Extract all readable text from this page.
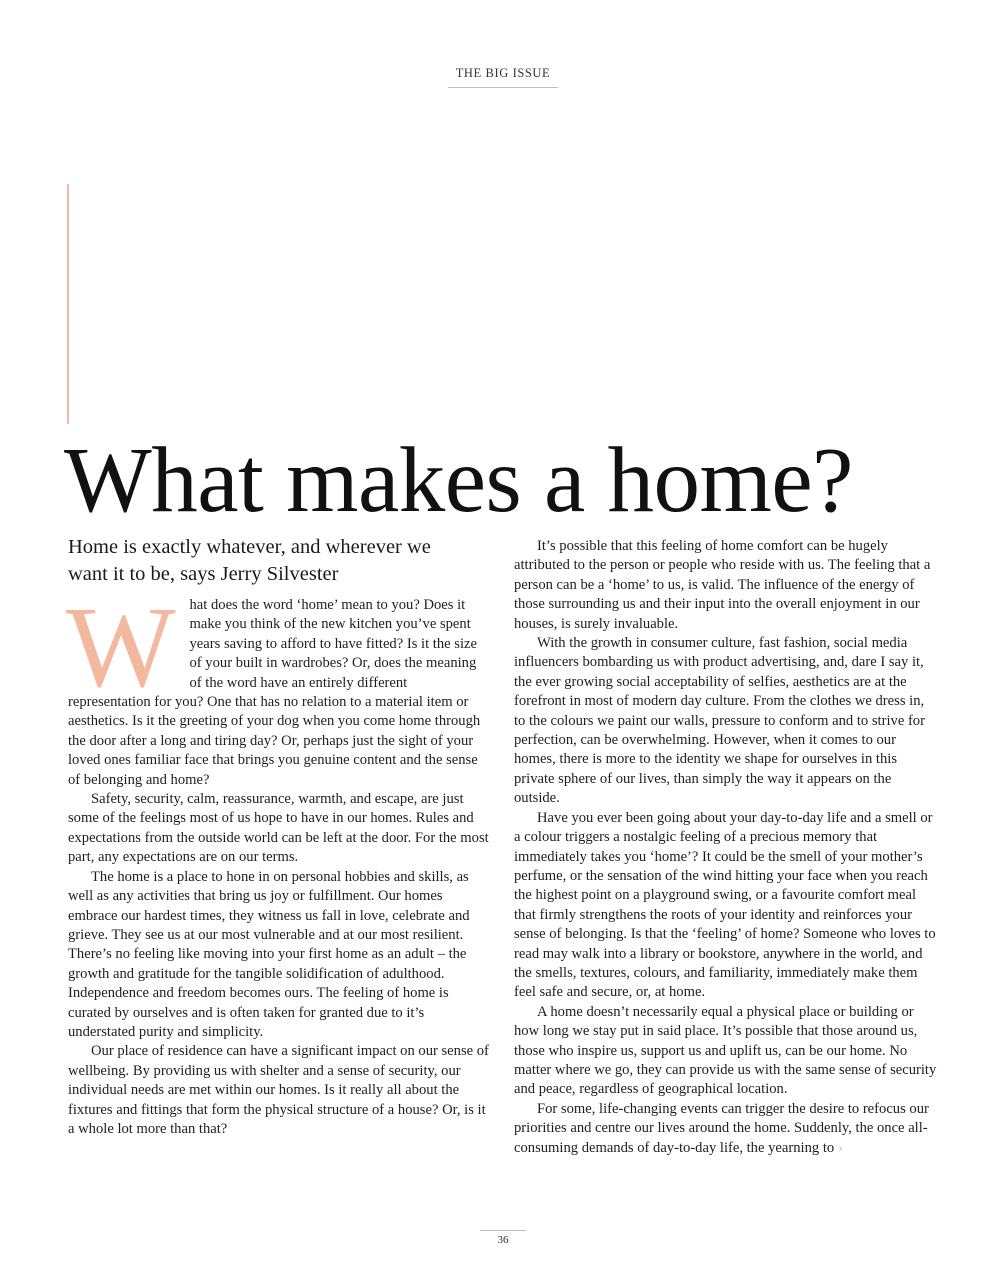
THE BIG ISSUE
What makes a home?
Home is exactly whatever, and wherever we want it to be, says Jerry Silvester

What does the word ‘home’ mean to you? Does it make you think of the new kitchen you’ve spent years saving to afford to have fitted? Is it the size of your built in wardrobes? Or, does the meaning of the word have an entirely different representation for you? One that has no relation to a material item or aesthetics. Is it the greeting of your dog when you come home through the door after a long and tiring day? Or, perhaps just the sight of your loved ones familiar face that brings you genuine content and the sense of belonging and home?

Safety, security, calm, reassurance, warmth, and escape, are just some of the feelings most of us hope to have in our homes. Rules and expectations from the outside world can be left at the door. For the most part, any expectations are on our terms.

The home is a place to hone in on personal hobbies and skills, as well as any activities that bring us joy or fulfillment. Our homes embrace our hardest times, they witness us fall in love, celebrate and grieve. They see us at our most vulnerable and at our most resilient. There’s no feeling like moving into your first home as an adult – the growth and gratitude for the tangible solidification of adulthood. Independence and freedom becomes ours. The feeling of home is curated by ourselves and is often taken for granted due to it’s understated purity and simplicity.

Our place of residence can have a significant impact on our sense of wellbeing. By providing us with shelter and a sense of security, our individual needs are met within our homes. Is it really all about the fixtures and fittings that form the physical structure of a house? Or, is it a whole lot more than that?

It’s possible that this feeling of home comfort can be hugely attributed to the person or people who reside with us. The feeling that a person can be a ‘home’ to us, is valid. The influence of the energy of those surrounding us and their input into the overall enjoyment in our houses, is surely invaluable.

With the growth in consumer culture, fast fashion, social media influencers bombarding us with product advertising, and, dare I say it, the ever growing social acceptability of selfies, aesthetics are at the forefront in most of modern day culture. From the clothes we dress in, to the colours we paint our walls, pressure to conform and to strive for perfection, can be overwhelming. However, when it comes to our homes, there is more to the identity we shape for ourselves in this private sphere of our lives, than simply the way it appears on the outside.

Have you ever been going about your day-to-day life and a smell or a colour triggers a nostalgic feeling of a precious memory that immediately takes you ‘home’? It could be the smell of your mother’s perfume, or the sensation of the wind hitting your face when you reach the highest point on a playground swing, or a favourite comfort meal that firmly strengthens the roots of your identity and reinforces your sense of belonging. Is that the ‘feeling’ of home? Someone who loves to read may walk into a library or bookstore, anywhere in the world, and the smells, textures, colours, and familiarity, immediately make them feel safe and secure, or, at home.

A home doesn’t necessarily equal a physical place or building or how long we stay put in said place. It’s possible that those around us, those who inspire us, support us and uplift us, can be our home. No matter where we go, they can provide us with the same sense of security and peace, regardless of geographical location.

For some, life-changing events can trigger the desire to refocus our priorities and centre our lives around the home. Suddenly, the once all-consuming demands of day-to-day life, the yearning to ›

36
